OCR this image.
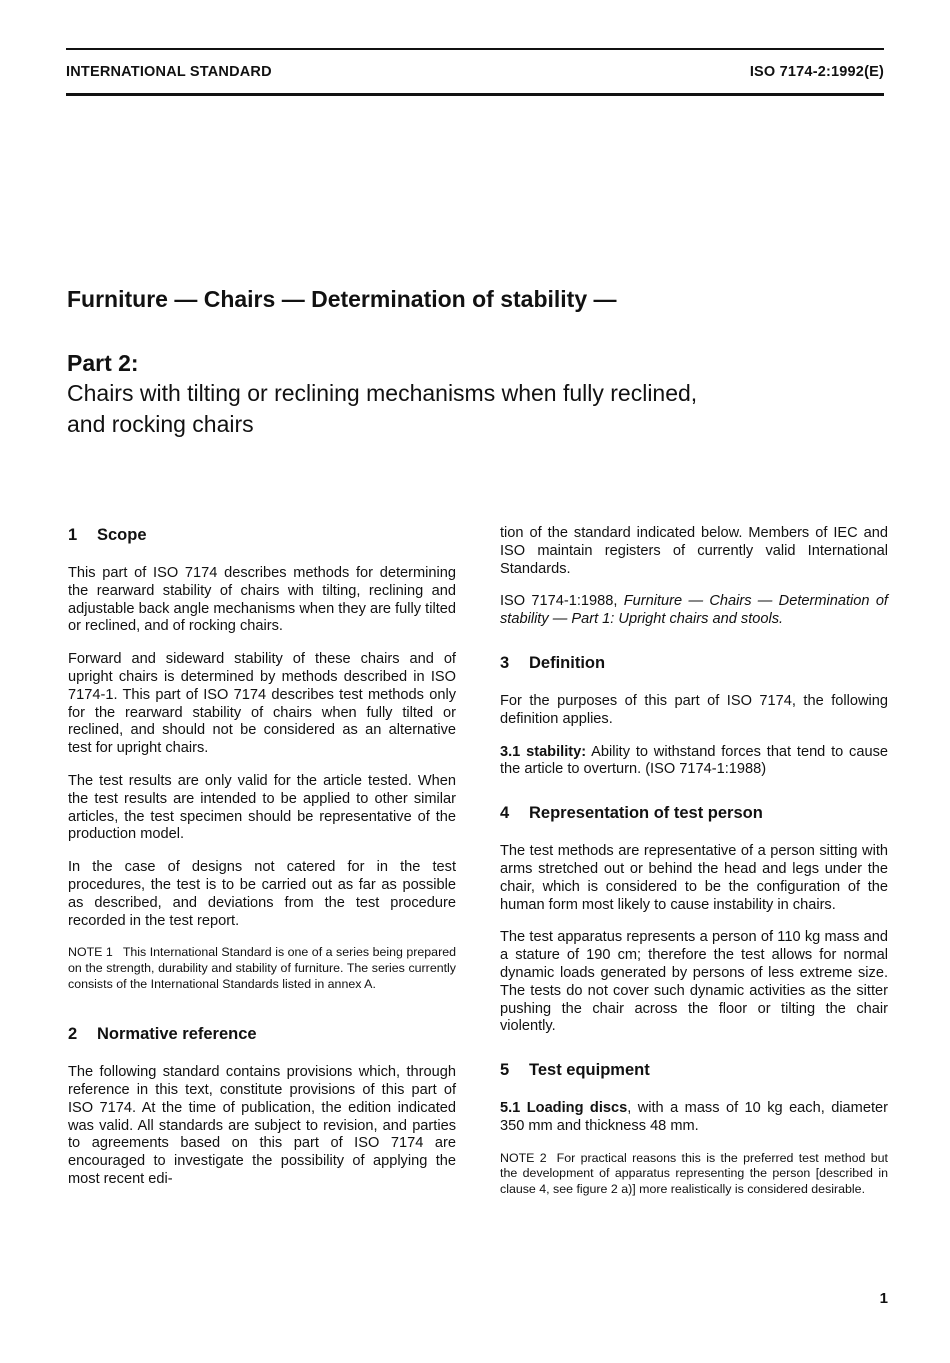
INTERNATIONAL STANDARD	ISO 7174-2:1992(E)
Furniture — Chairs — Determination of stability —
Part 2:
Chairs with tilting or reclining mechanisms when fully reclined,
and rocking chairs
1 Scope

This part of ISO 7174 describes methods for determining the rearward stability of chairs with tilting, reclining and adjustable back angle mechanisms when they are fully tilted or reclined, and of rocking chairs.

Forward and sideward stability of these chairs and of upright chairs is determined by methods described in ISO 7174-1. This part of ISO 7174 describes test methods only for the rearward stability of chairs when fully tilted or reclined, and should not be considered as an alternative test for upright chairs.

The test results are only valid for the article tested. When the test results are intended to be applied to other similar articles, the test specimen should be representative of the production model.

In the case of designs not catered for in the test procedures, the test is to be carried out as far as possible as described, and deviations from the test procedure recorded in the test report.

NOTE 1 This International Standard is one of a series being prepared on the strength, durability and stability of furniture. The series currently consists of the International Standards listed in annex A.
2 Normative reference

The following standard contains provisions which, through reference in this text, constitute provisions of this part of ISO 7174. At the time of publication, the edition indicated was valid. All standards are subject to revision, and parties to agreements based on this part of ISO 7174 are encouraged to investigate the possibility of applying the most recent edi-

tion of the standard indicated below. Members of IEC and ISO maintain registers of currently valid International Standards.

ISO 7174-1:1988, Furniture — Chairs — Determination of stability — Part 1: Upright chairs and stools.

3 Definition

For the purposes of this part of ISO 7174, the following definition applies.

3.1 stability: Ability to withstand forces that tend to cause the article to overturn. (ISO 7174-1:1988)

4 Representation of test person

The test methods are representative of a person sitting with arms stretched out or behind the head and legs under the chair, which is considered to be the configuration of the human form most likely to cause instability in chairs.

The test apparatus represents a person of 110 kg mass and a stature of 190 cm; therefore the test allows for normal dynamic loads generated by persons of less extreme size. The tests do not cover such dynamic activities as the sitter pushing the chair across the floor or tilting the chair violently.

5 Test equipment

5.1 Loading discs, with a mass of 10 kg each, diameter 350 mm and thickness 48 mm.

NOTE 2 For practical reasons this is the preferred test method but the development of apparatus representing the person [described in clause 4, see figure 2 a)] more realistically is considered desirable.
1
